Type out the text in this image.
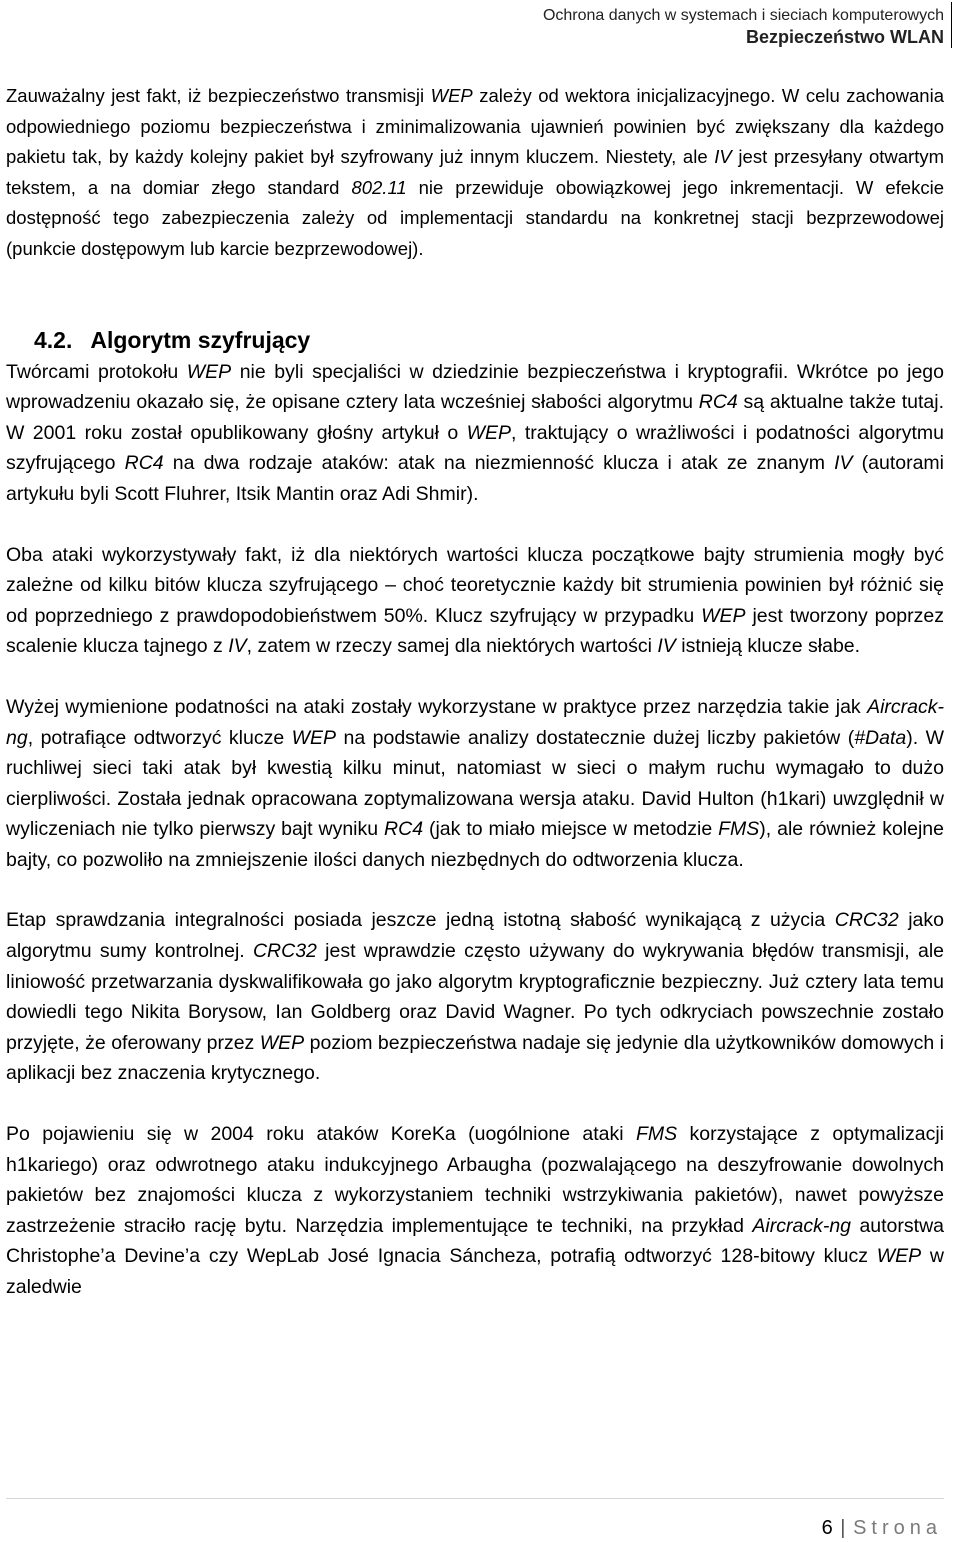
Ochrona danych w systemach i sieciach komputerowych
Bezpieczeństwo WLAN

Zauważalny jest fakt, iż bezpieczeństwo transmisji WEP zależy od wektora inicjalizacyjnego. W celu zachowania odpowiedniego poziomu bezpieczeństwa i zminimalizowania ujawnień powinien być zwiększany dla każdego pakietu tak, by każdy kolejny pakiet był szyfrowany już innym kluczem. Niestety, ale IV jest przesyłany otwartym tekstem, a na domiar złego standard 802.11 nie przewiduje obowiązkowej jego inkrementacji. W efekcie dostępność tego zabezpieczenia zależy od implementacji standardu na konkretnej stacji bezprzewodowej (punkcie dostępowym lub karcie bezprzewodowej).

4.2. Algorytm szyfrujący

Twórcami protokołu WEP nie byli specjaliści w dziedzinie bezpieczeństwa i kryptografii. Wkrótce po jego wprowadzeniu okazało się, że opisane cztery lata wcześniej słabości algorytmu RC4 są aktualne także tutaj. W 2001 roku został opublikowany głośny artykuł o WEP, traktujący o wrażliwości i podatności algorytmu szyfrującego RC4 na dwa rodzaje ataków: atak na niezmienność klucza i atak ze znanym IV (autorami artykułu byli Scott Fluhrer, Itsik Mantin oraz Adi Shmir).

Oba ataki wykorzystywały fakt, iż dla niektórych wartości klucza początkowe bajty strumienia mogły być zależne od kilku bitów klucza szyfrującego – choć teoretycznie każdy bit strumienia powinien był różnić się od poprzedniego z prawdopodobieństwem 50%. Klucz szyfrujący w przypadku WEP jest tworzony poprzez scalenie klucza tajnego z IV, zatem w rzeczy samej dla niektórych wartości IV istnieją klucze słabe.

Wyżej wymienione podatności na ataki zostały wykorzystane w praktyce przez narzędzia takie jak Aircrack-ng, potrafiące odtworzyć klucze WEP na podstawie analizy dostatecznie dużej liczby pakietów (#Data). W ruchliwej sieci taki atak był kwestią kilku minut, natomiast w sieci o małym ruchu wymagało to dużo cierpliwości. Została jednak opracowana zoptymalizowana wersja ataku. David Hulton (h1kari) uwzględnił w wyliczeniach nie tylko pierwszy bajt wyniku RC4 (jak to miało miejsce w metodzie FMS), ale również kolejne bajty, co pozwoliło na zmniejszenie ilości danych niezbędnych do odtworzenia klucza.

Etap sprawdzania integralności posiada jeszcze jedną istotną słabość wynikającą z użycia CRC32 jako algorytmu sumy kontrolnej. CRC32 jest wprawdzie często używany do wykrywania błędów transmisji, ale liniowość przetwarzania dyskwalifikowała go jako algorytm kryptograficznie bezpieczny. Już cztery lata temu dowiedli tego Nikita Borysow, Ian Goldberg oraz David Wagner. Po tych odkryciach powszechnie zostało przyjęte, że oferowany przez WEP poziom bezpieczeństwa nadaje się jedynie dla użytkowników domowych i aplikacji bez znaczenia krytycznego.

Po pojawieniu się w 2004 roku ataków KoreKa (uogólnione ataki FMS korzystające z optymalizacji h1kariego) oraz odwrotnego ataku indukcyjnego Arbaugha (pozwalającego na deszyfrowanie dowolnych pakietów bez znajomości klucza z wykorzystaniem techniki wstrzykiwania pakietów), nawet powyższe zastrzeżenie straciło rację bytu. Narzędzia implementujące te techniki, na przykład Aircrack-ng autorstwa Christophe’a Devine’a czy WepLab José Ignacia Sáncheza, potrafią odtworzyć 128-bitowy klucz WEP w zaledwie

6 | Strona
